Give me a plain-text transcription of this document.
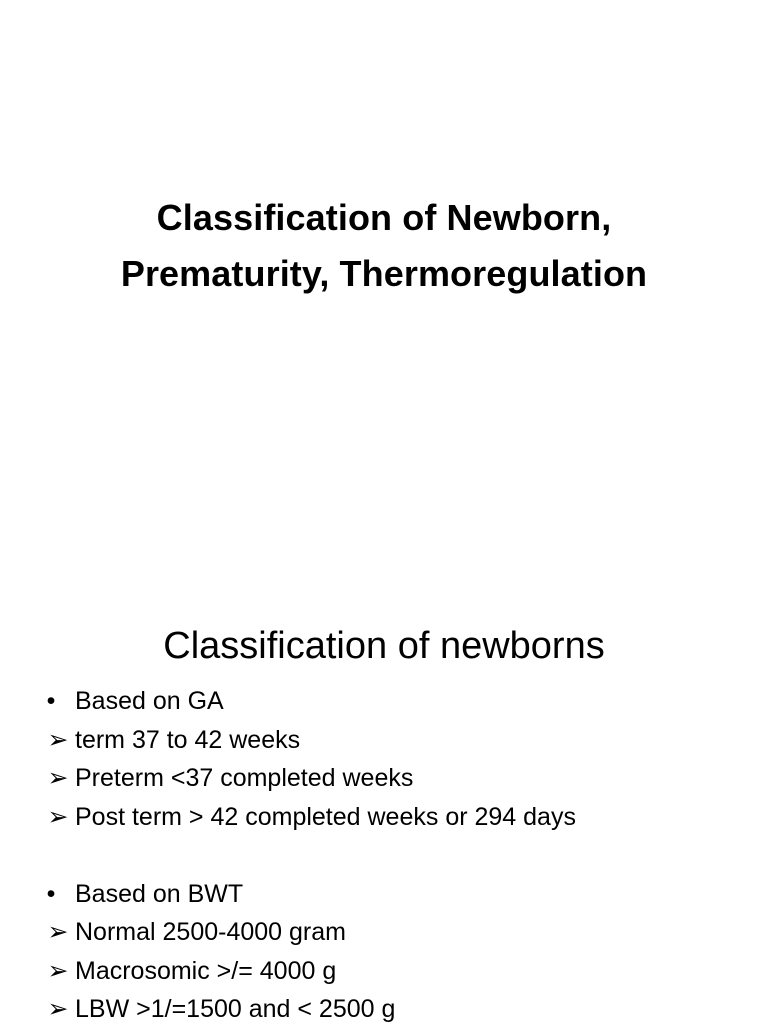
Classification of Newborn,
Prematurity, Thermoregulation
Classification of newborns
• Based on GA
➢ term 37 to 42 weeks
➢ Preterm <37 completed weeks
➢ Post term > 42 completed weeks or 294 days
• Based on BWT
➢ Normal 2500-4000 gram
➢ Macrosomic >/= 4000 g
➢ LBW >1/=1500 and < 2500 g
